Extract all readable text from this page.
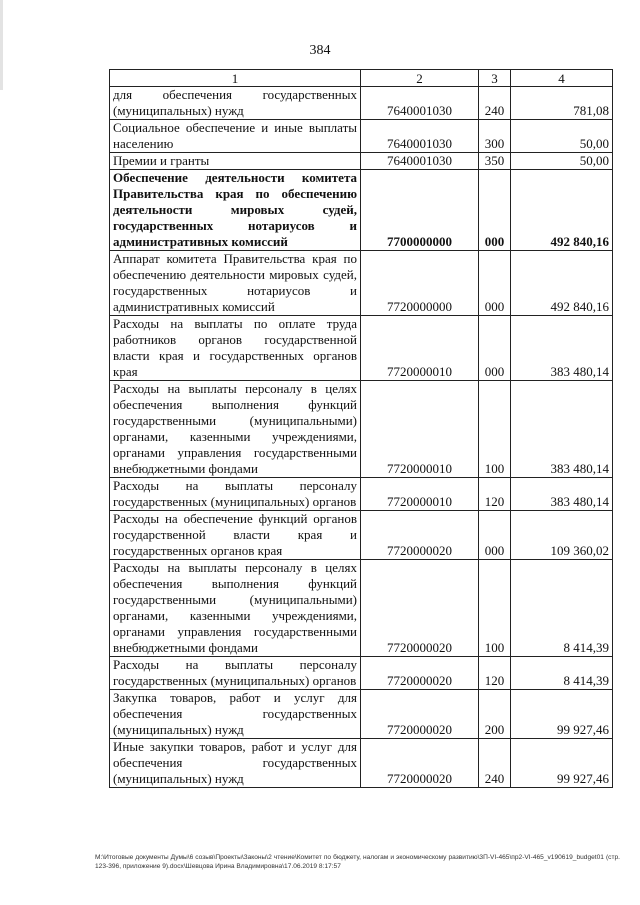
384
1	2	3	4
для обеспечения государственных (муниципальных) нужд	7640001030	240	781,08
Социальное обеспечение и иные выплаты населению	7640001030	300	50,00
Премии и гранты	7640001030	350	50,00
Обеспечение деятельности комитета Правительства края по обеспечению деятельности мировых судей, государственных нотариусов и административных комиссий	7700000000	000	492 840,16
Аппарат комитета Правительства края по обеспечению деятельности мировых судей, государственных нотариусов и административных комиссий	7720000000	000	492 840,16
Расходы на выплаты по оплате труда работников органов государственной власти края и государственных органов края	7720000010	000	383 480,14
Расходы на выплаты персоналу в целях обеспечения выполнения функций государственными (муниципальными) органами, казенными учреждениями, органами управления государственными внебюджетными фондами	7720000010	100	383 480,14
Расходы на выплаты персоналу государственных (муниципальных) органов	7720000010	120	383 480,14
Расходы на обеспечение функций органов государственной власти края и государственных органов края	7720000020	000	109 360,02
Расходы на выплаты персоналу в целях обеспечения выполнения функций государственными (муниципальными) органами, казенными учреждениями, органами управления государственными внебюджетными фондами	7720000020	100	8 414,39
Расходы на выплаты персоналу государственных (муниципальных) органов	7720000020	120	8 414,39
Закупка товаров, работ и услуг для обеспечения государственных (муниципальных) нужд	7720000020	200	99 927,46
Иные закупки товаров, работ и услуг для обеспечения государственных (муниципальных) нужд	7720000020	240	99 927,46
M:\Итоговые документы Думы\6 созыв\Проекты\Законы\2 чтение\Комитет по бюджету, налогам и экономическому развитию\3П-VI-465\пр2-VI-465_v190619_budget01 (стр.123-396, приложение 9).docx\Шевцова Ирина Владимировна\17.06.2019 8:17:57
